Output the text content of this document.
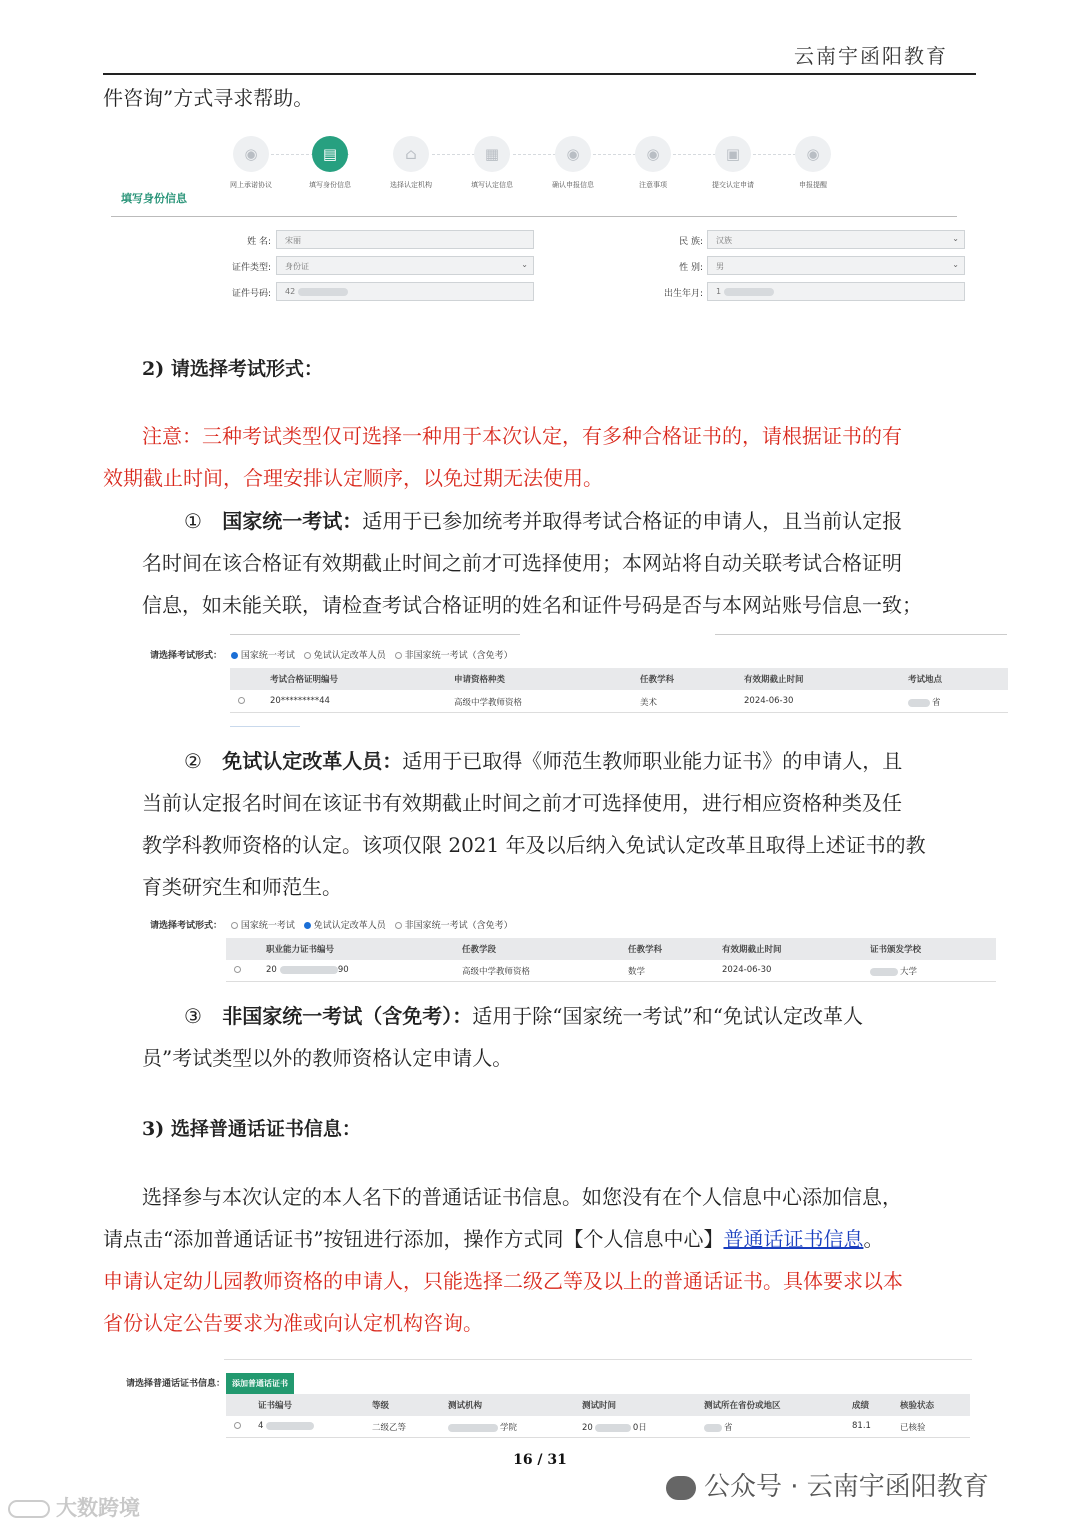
云南宇函阳教育
件咨询”方式寻求帮助。
◉
网上承诺协议
▤
填写身份信息
⌂
选择认定机构
▦
填写认定信息
◉
确认申报信息
◉
注意事项
▣
提交认定申请
◉
申报提醒
填写身份信息
姓 名:	宋丽
证件类型:	身份证	⌄
证件号码:	42
民 族:	汉族	⌄
性 别:	男	⌄
出生年月:	1
2) 请选择考试形式：
注意：三种考试类型仅可选择一种用于本次认定，有多种合格证书的，请根据证书的有
效期截止时间，合理安排认定顺序，以免过期无法使用。
① 国家统一考试：适用于已参加统考并取得考试合格证的申请人，且当前认定报
名时间在该合格证有效期截止时间之前才可选择使用；本网站将自动关联考试合格证明
信息，如未能关联，请检查考试合格证明的姓名和证件号码是否与本网站账号信息一致；
请选择考试形式： 国家统一考试 免试认定改革人员 非国家统一考试（含免考）
考试合格证明编号	申请资格种类	任教学科	有效期截止时间	考试地点
20*********44	高级中学教师资格	美术	2024-06-30	省
② 免试认定改革人员：适用于已取得《师范生教师职业能力证书》的申请人，且
当前认定报名时间在该证书有效期截止时间之前才可选择使用，进行相应资格种类及任
教学科教师资格的认定。该项仅限 2021 年及以后纳入免试认定改革且取得上述证书的教
育类研究生和师范生。
请选择考试形式： 国家统一考试 免试认定改革人员 非国家统一考试（含免考）
职业能力证书编号	任教学段	任教学科	有效期截止时间	证书颁发学校
20	90	高级中学教师资格	数学	2024-06-30	大学
③ 非国家统一考试（含免考）：适用于除“国家统一考试”和“免试认定改革人
员”考试类型以外的教师资格认定申请人。
3) 选择普通话证书信息：
选择参与本次认定的本人名下的普通话证书信息。如您没有在个人信息中心添加信息，
请点击“添加普通话证书”按钮进行添加，操作方式同【个人信息中心】普通话证书信息。
申请认定幼儿园教师资格的申请人，只能选择二级乙等及以上的普通话证书。具体要求以本
省份认定公告要求为准或向认定机构咨询。
请选择普通话证书信息： 添加普通话证书
证书编号	等级	测试机构	测试时间	测试所在省份或地区	成绩	核验状态
4	二级乙等	学院	20	0日	省	81.1	已核验
16 / 31
公众号 · 云南宇函阳教育
大数跨境
